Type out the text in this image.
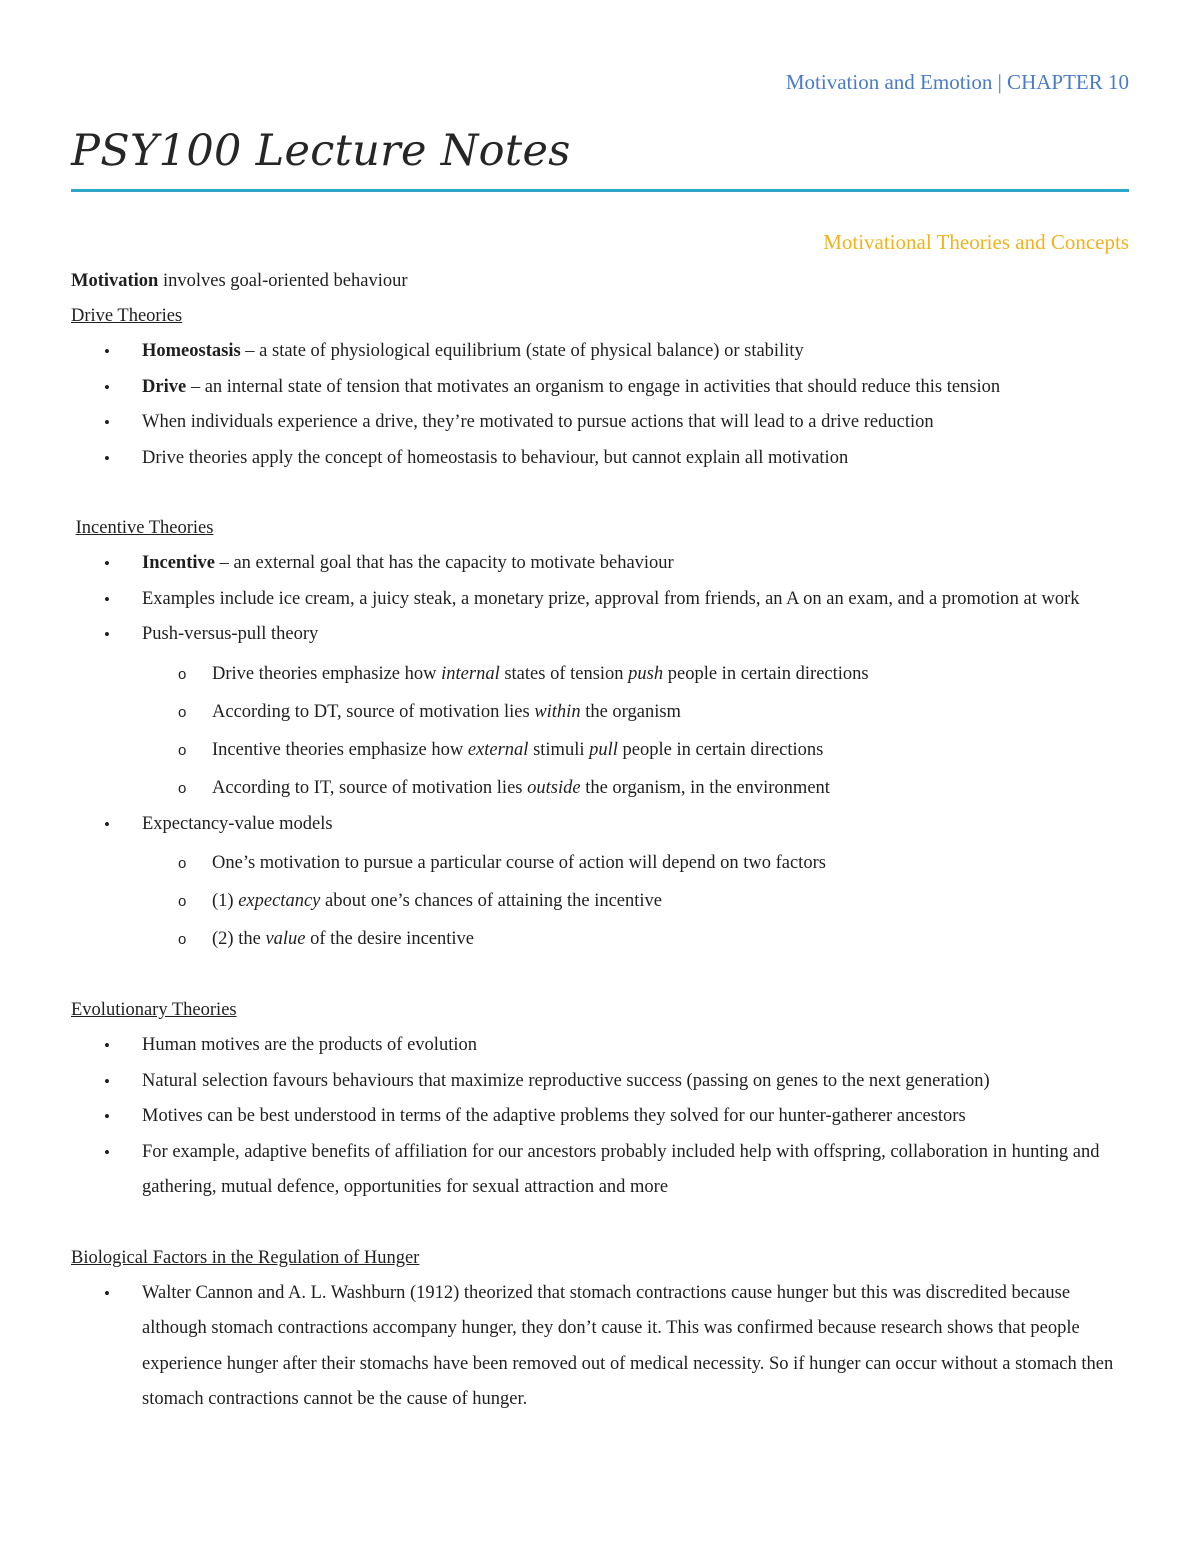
Motivation and Emotion | CHAPTER 10
PSY100 Lecture Notes
Motivational Theories and Concepts

Motivation involves goal-oriented behaviour

Drive Theories

• Homeostasis – a state of physiological equilibrium (state of physical balance) or stability
• Drive – an internal state of tension that motivates an organism to engage in activities that should reduce this tension
• When individuals experience a drive, they’re motivated to pursue actions that will lead to a drive reduction
• Drive theories apply the concept of homeostasis to behaviour, but cannot explain all motivation

Incentive Theories

• Incentive – an external goal that has the capacity to motivate behaviour
• Examples include ice cream, a juicy steak, a monetary prize, approval from friends, an A on an exam, and a promotion at work
• Push-versus-pull theory
o Drive theories emphasize how internal states of tension push people in certain directions
o According to DT, source of motivation lies within the organism
o Incentive theories emphasize how external stimuli pull people in certain directions
o According to IT, source of motivation lies outside the organism, in the environment
• Expectancy-value models
o One’s motivation to pursue a particular course of action will depend on two factors
o (1) expectancy about one’s chances of attaining the incentive
o (2) the value of the desire incentive

Evolutionary Theories

• Human motives are the products of evolution
• Natural selection favours behaviours that maximize reproductive success (passing on genes to the next generation)
• Motives can be best understood in terms of the adaptive problems they solved for our hunter-gatherer ancestors
• For example, adaptive benefits of affiliation for our ancestors probably included help with offspring, collaboration in hunting and gathering, mutual defence, opportunities for sexual attraction and more

Biological Factors in the Regulation of Hunger

• Walter Cannon and A. L. Washburn (1912) theorized that stomach contractions cause hunger but this was discredited because although stomach contractions accompany hunger, they don’t cause it. This was confirmed because research shows that people experience hunger after their stomachs have been removed out of medical necessity. So if hunger can occur without a stomach then stomach contractions cannot be the cause of hunger.
